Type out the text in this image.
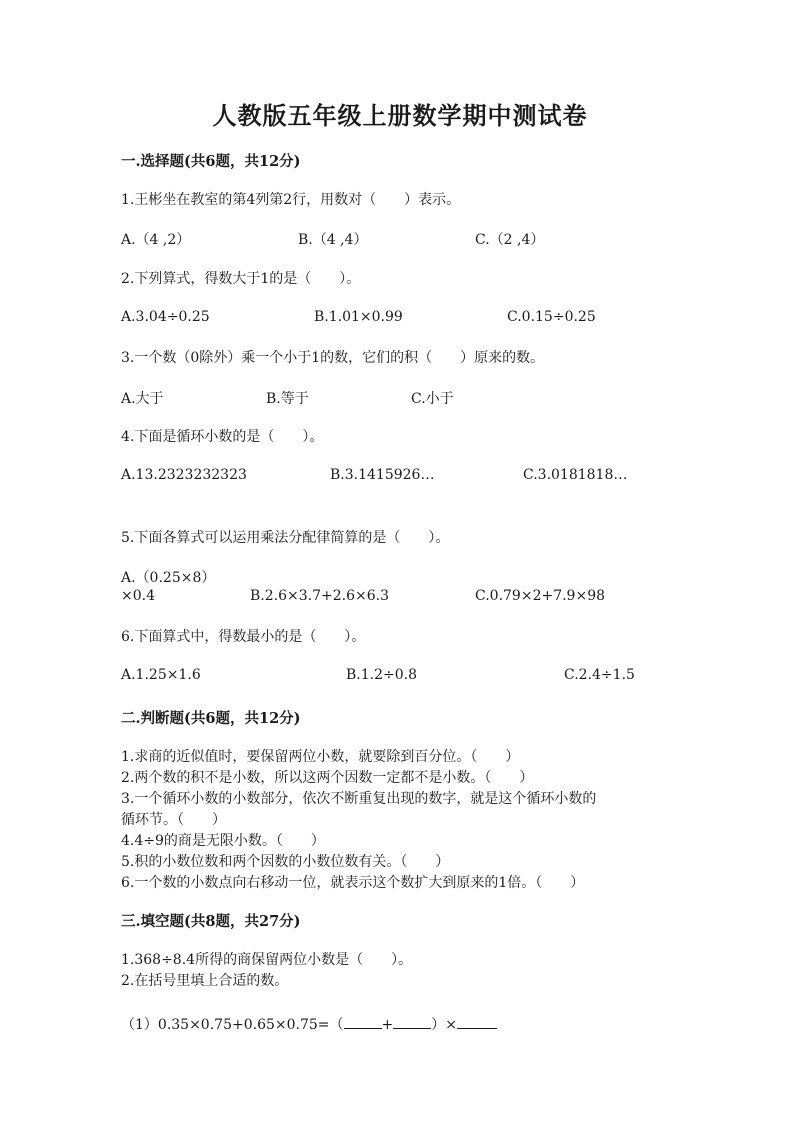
人教版五年级上册数学期中测试卷
一.选择题(共6题，共12分)
1.王彬坐在教室的第4列第2行，用数对（　　）表示。
A.（4 ,2）	B.（4 ,4）	C.（2 ,4）
2.下列算式，得数大于1的是（　　）。
A.3.04÷0.25	B.1.01×0.99	C.0.15÷0.25
3.一个数（0除外）乘一个小于1的数，它们的积（　　）原来的数。
A.大于	B.等于	C.小于
4.下面是循环小数的是（　　）。
A.13.2323232323	B.3.1415926…	C.3.0181818…
5.下面各算式可以运用乘法分配律简算的是（　　）。
A.（0.25×8）
×0.4	B.2.6×3.7+2.6×6.3	C.0.79×2+7.9×98
6.下面算式中，得数最小的是（　　）。
A.1.25×1.6	B.1.2÷0.8	C.2.4÷1.5
二.判断题(共6题，共12分)
1.求商的近似值时，要保留两位小数，就要除到百分位。（　　）
2.两个数的积不是小数，所以这两个因数一定都不是小数。（　　）
3.一个循环小数的小数部分，依次不断重复出现的数字，就是这个循环小数的
循环节。（　　）
4.4÷9的商是无限小数。（　　）
5.积的小数位数和两个因数的小数位数有关。（　　）
6.一个数的小数点向右移动一位，就表示这个数扩大到原来的1倍。（　　）
三.填空题(共8题，共27分)
1.368÷8.4所得的商保留两位小数是（　　）。
2.在括号里填上合适的数。
（1）0.35×0.75+0.65×0.75=（	+	）×
